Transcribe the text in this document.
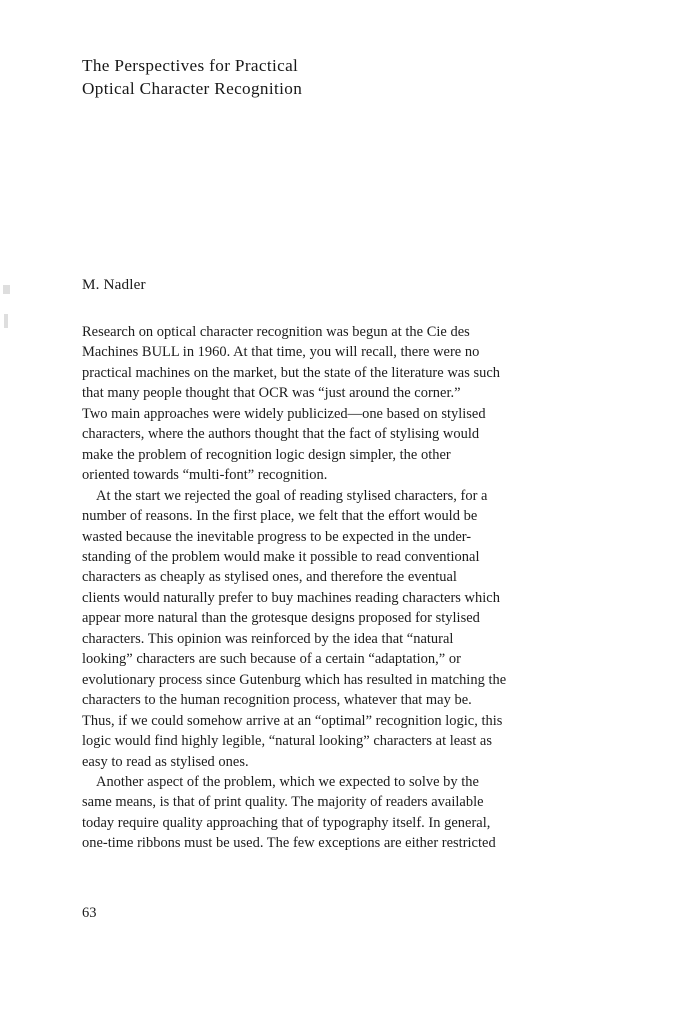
The Perspectives for Practical
Optical Character Recognition
M. Nadler
Research on optical character recognition was begun at the Cie des
Machines BULL in 1960. At that time, you will recall, there were no
practical machines on the market, but the state of the literature was such
that many people thought that OCR was “just around the corner.”
Two main approaches were widely publicized—one based on stylised
characters, where the authors thought that the fact of stylising would
make the problem of recognition logic design simpler, the other
oriented towards “multi-font” recognition.
At the start we rejected the goal of reading stylised characters, for a
number of reasons. In the first place, we felt that the effort would be
wasted because the inevitable progress to be expected in the under-
standing of the problem would make it possible to read conventional
characters as cheaply as stylised ones, and therefore the eventual
clients would naturally prefer to buy machines reading characters which
appear more natural than the grotesque designs proposed for stylised
characters. This opinion was reinforced by the idea that “natural
looking” characters are such because of a certain “adaptation,” or
evolutionary process since Gutenburg which has resulted in matching the
characters to the human recognition process, whatever that may be.
Thus, if we could somehow arrive at an “optimal” recognition logic, this
logic would find highly legible, “natural looking” characters at least as
easy to read as stylised ones.
Another aspect of the problem, which we expected to solve by the
same means, is that of print quality. The majority of readers available
today require quality approaching that of typography itself. In general,
one-time ribbons must be used. The few exceptions are either restricted
63
